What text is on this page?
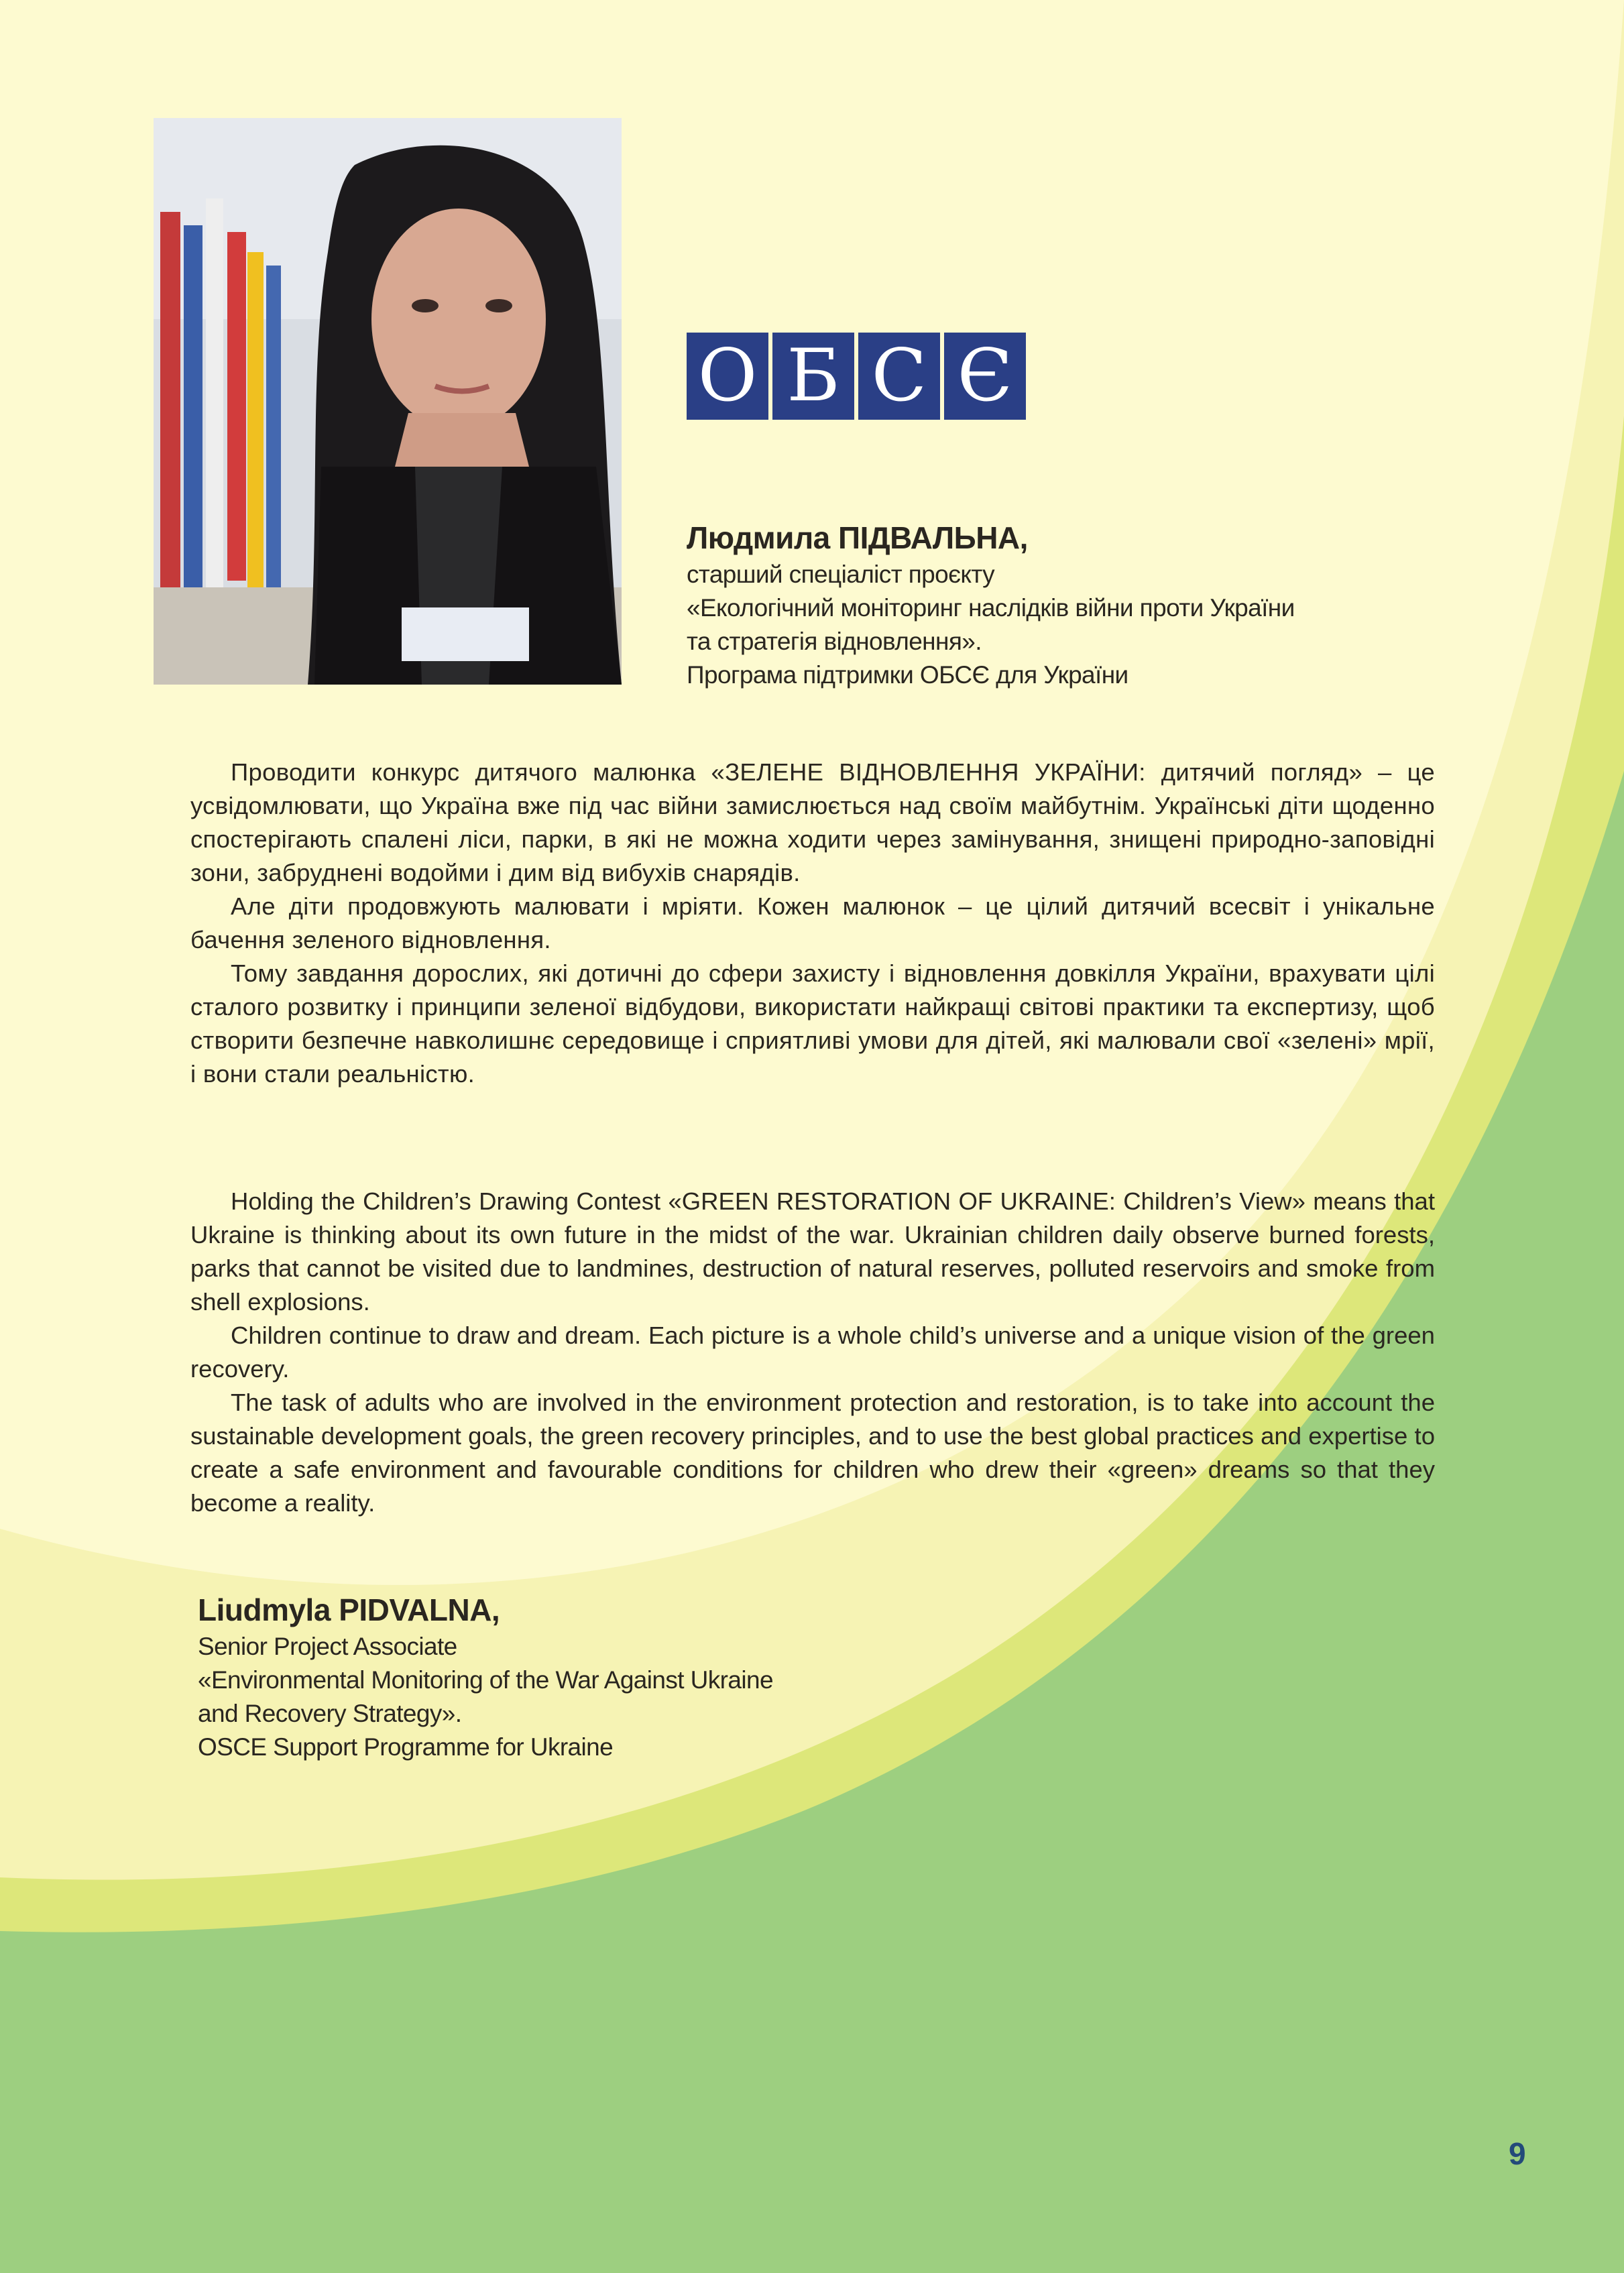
О Б С Є

Людмила ПІДВАЛЬНА,

старший спеціаліст проєкту

«Екологічний моніторинг наслідків війни проти України

та стратегія відновлення».

Програма підтримки ОБСЄ для України

Проводити конкурс дитячого малюнка «ЗЕЛЕНЕ ВІДНОВЛЕННЯ УКРАЇНИ: дитячий погляд» – це усвідомлювати, що Україна вже під час війни замислюється над своїм майбутнім. Українські діти щоденно спостерігають спалені ліси, парки, в які не можна ходити через замінування, знищені природно-заповідні зони, забруднені водойми і дим від вибухів снарядів.

Але діти продовжують малювати і мріяти. Кожен малюнок – це цілий дитячий всесвіт і унікальне бачення зеленого відновлення.

Тому завдання дорослих, які дотичні до сфери захисту і відновлення довкілля України, врахувати цілі сталого розвитку і принципи зеленої відбудови, використати найкращі світові практики та експертизу, щоб створити безпечне навколишнє середовище і сприятливі умови для дітей, які малювали свої «зелені» мрії, і вони стали реальністю.

Holding the Children’s Drawing Contest «GREEN RESTORATION OF UKRAINE: Children’s View» means that Ukraine is thinking about its own future in the midst of the war. Ukrainian children daily observe burned forests, parks that cannot be visited due to landmines, destruction of natural reserves, polluted reservoirs and smoke from shell explosions.

Children continue to draw and dream. Each picture is a whole child’s universe and a unique vision of the green recovery.

The task of adults who are involved in the environment protection and restoration, is to take into account the sustainable development goals, the green recovery principles, and to use the best global practices and expertise to create a safe environment and favourable conditions for children who drew their «green» dreams so that they become a reality.

Liudmyla PIDVALNA,

Senior Project Associate

«Environmental Monitoring of the War Against Ukraine

and Recovery Strategy».

OSCE Support Programme for Ukraine

9
